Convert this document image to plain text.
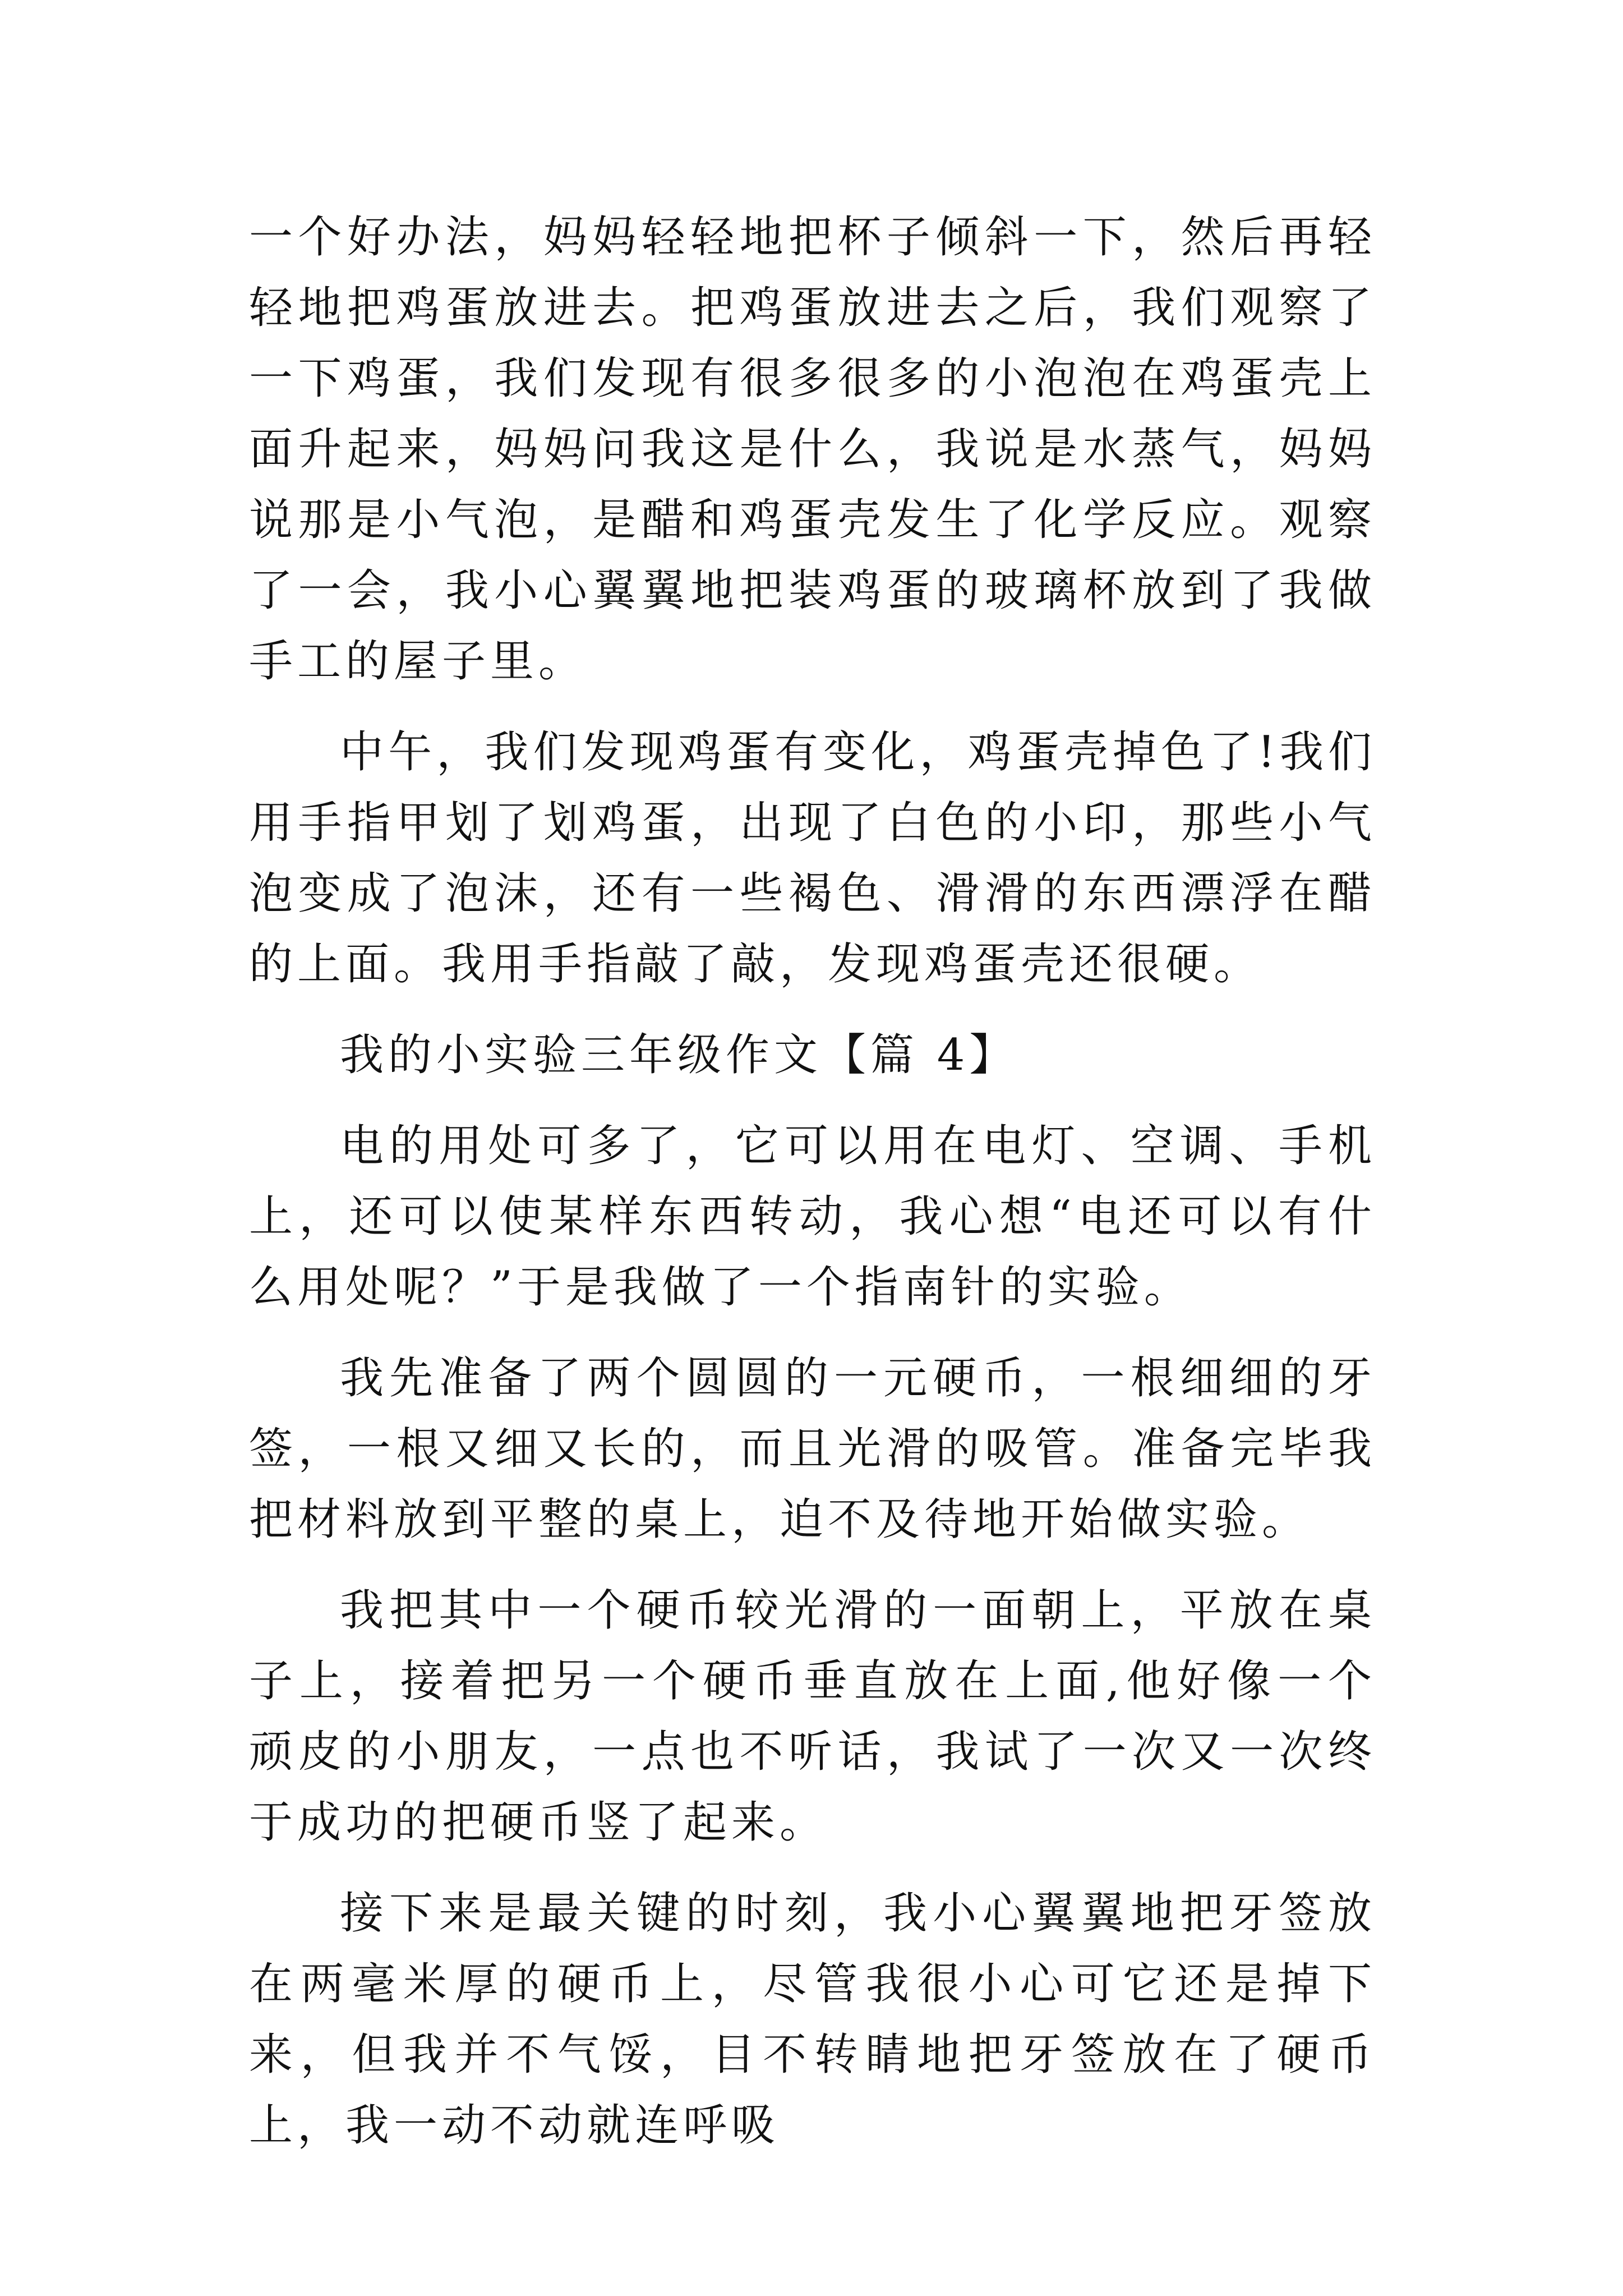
一个好办法，妈妈轻轻地把杯子倾斜一下，然后再轻轻地把鸡蛋放进去。把鸡蛋放进去之后，我们观察了一下鸡蛋，我们发现有很多很多的小泡泡在鸡蛋壳上面升起来，妈妈问我这是什么，我说是水蒸气，妈妈说那是小气泡，是醋和鸡蛋壳发生了化学反应。观察了一会，我小心翼翼地把装鸡蛋的玻璃杯放到了我做手工的屋子里。

中午，我们发现鸡蛋有变化，鸡蛋壳掉色了!我们用手指甲划了划鸡蛋，出现了白色的小印，那些小气泡变成了泡沫，还有一些褐色、滑滑的东西漂浮在醋的上面。我用手指敲了敲，发现鸡蛋壳还很硬。

我的小实验三年级作文【篇 4】

电的用处可多了，它可以用在电灯、空调、手机上，还可以使某样东西转动，我心想“电还可以有什么用处呢？”于是我做了一个指南针的实验。

我先准备了两个圆圆的一元硬币，一根细细的牙签，一根又细又长的，而且光滑的吸管。准备完毕我把材料放到平整的桌上，迫不及待地开始做实验。

我把其中一个硬币较光滑的一面朝上，平放在桌子上，接着把另一个硬币垂直放在上面,他好像一个顽皮的小朋友，一点也不听话，我试了一次又一次终于成功的把硬币竖了起来。

接下来是最关键的时刻，我小心翼翼地把牙签放在两毫米厚的硬币上，尽管我很小心可它还是掉下来，但我并不气馁，目不转睛地把牙签放在了硬币上，我一动不动就连呼吸
